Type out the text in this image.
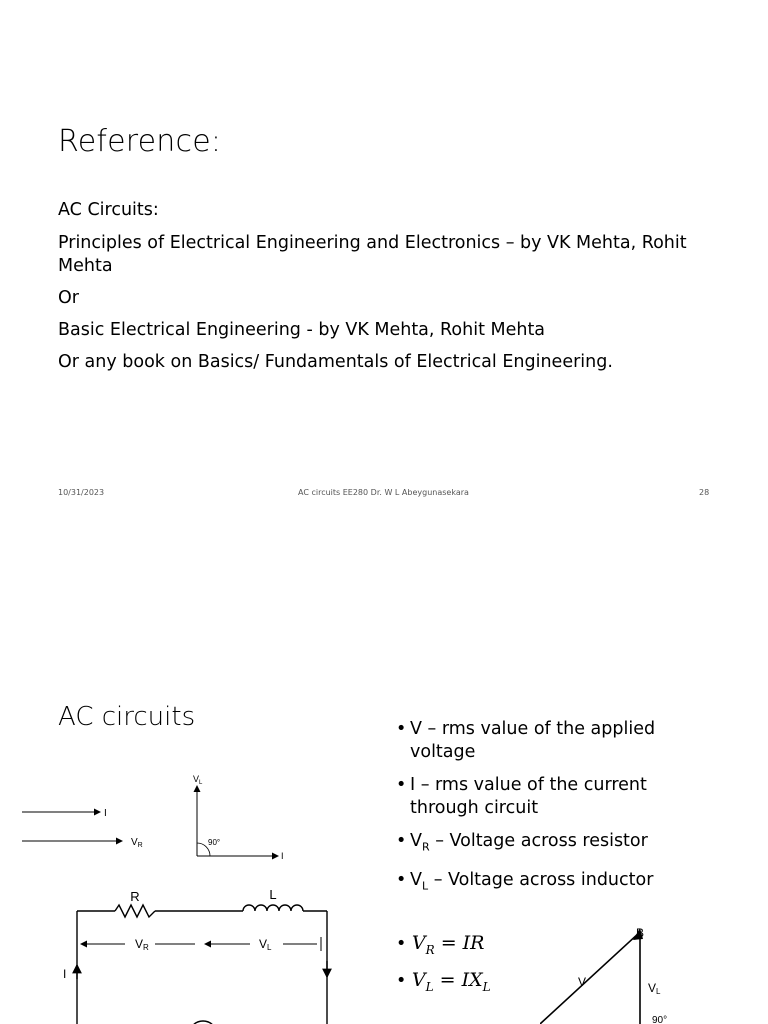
Reference:
AC Circuits:
Principles of Electrical Engineering and Electronics – by VK Mehta, Rohit Mehta
Or
Basic Electrical Engineering - by VK Mehta, Rohit Mehta
Or any book on Basics/ Fundamentals of Electrical Engineering.
10/31/2023	AC circuits EE280 Dr. W L Abeygunasekara	28
AC circuits
•	V – rms value of the applied voltage
• I – rms value of the current through circuit
• $V_R$ – Voltage across resistor
• $V_L$ – Voltage across inductor
• $V_R$ = IR
• $V_L = IX_L$
I
$V_R$
$V_L$
I
90°
R	L
VR	VL
I
B
V	VL
90°
